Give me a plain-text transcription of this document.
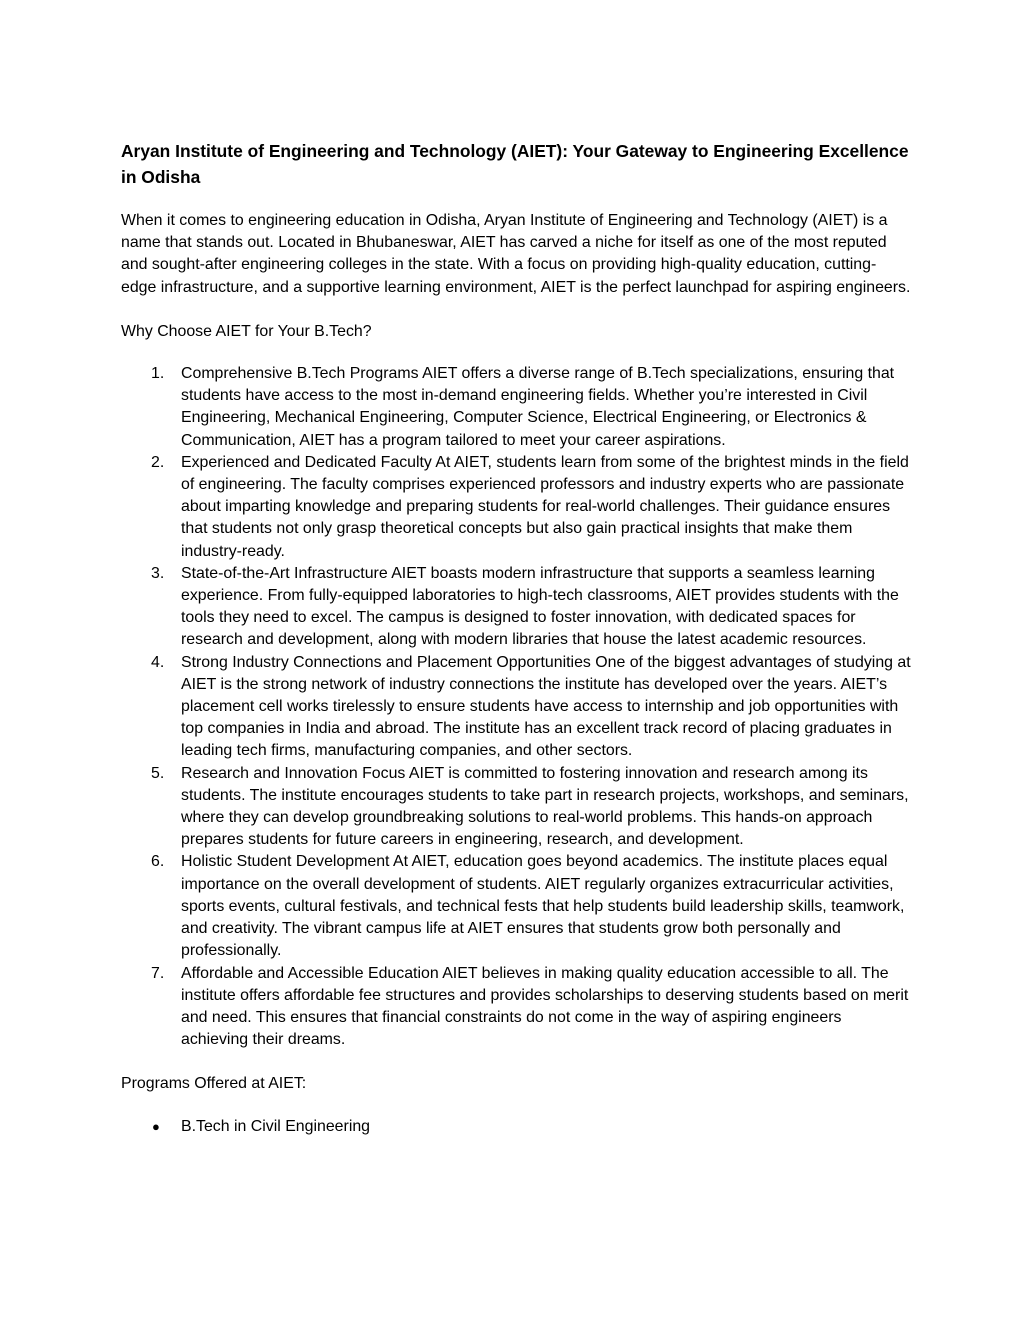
Aryan Institute of Engineering and Technology (AIET): Your Gateway to Engineering Excellence in Odisha

When it comes to engineering education in Odisha, Aryan Institute of Engineering and Technology (AIET) is a name that stands out. Located in Bhubaneswar, AIET has carved a niche for itself as one of the most reputed and sought-after engineering colleges in the state. With a focus on providing high-quality education, cutting-edge infrastructure, and a supportive learning environment, AIET is the perfect launchpad for aspiring engineers.

Why Choose AIET for Your B.Tech?

1. Comprehensive B.Tech Programs AIET offers a diverse range of B.Tech specializations, ensuring that students have access to the most in-demand engineering fields. Whether you’re interested in Civil Engineering, Mechanical Engineering, Computer Science, Electrical Engineering, or Electronics & Communication, AIET has a program tailored to meet your career aspirations.
2. Experienced and Dedicated Faculty At AIET, students learn from some of the brightest minds in the field of engineering. The faculty comprises experienced professors and industry experts who are passionate about imparting knowledge and preparing students for real-world challenges. Their guidance ensures that students not only grasp theoretical concepts but also gain practical insights that make them industry-ready.
3. State-of-the-Art Infrastructure AIET boasts modern infrastructure that supports a seamless learning experience. From fully-equipped laboratories to high-tech classrooms, AIET provides students with the tools they need to excel. The campus is designed to foster innovation, with dedicated spaces for research and development, along with modern libraries that house the latest academic resources.
4. Strong Industry Connections and Placement Opportunities One of the biggest advantages of studying at AIET is the strong network of industry connections the institute has developed over the years. AIET’s placement cell works tirelessly to ensure students have access to internship and job opportunities with top companies in India and abroad. The institute has an excellent track record of placing graduates in leading tech firms, manufacturing companies, and other sectors.
5. Research and Innovation Focus AIET is committed to fostering innovation and research among its students. The institute encourages students to take part in research projects, workshops, and seminars, where they can develop groundbreaking solutions to real-world problems. This hands-on approach prepares students for future careers in engineering, research, and development.
6. Holistic Student Development At AIET, education goes beyond academics. The institute places equal importance on the overall development of students. AIET regularly organizes extracurricular activities, sports events, cultural festivals, and technical fests that help students build leadership skills, teamwork, and creativity. The vibrant campus life at AIET ensures that students grow both personally and professionally.
7. Affordable and Accessible Education AIET believes in making quality education accessible to all. The institute offers affordable fee structures and provides scholarships to deserving students based on merit and need. This ensures that financial constraints do not come in the way of aspiring engineers achieving their dreams.

Programs Offered at AIET:

● B.Tech in Civil Engineering
